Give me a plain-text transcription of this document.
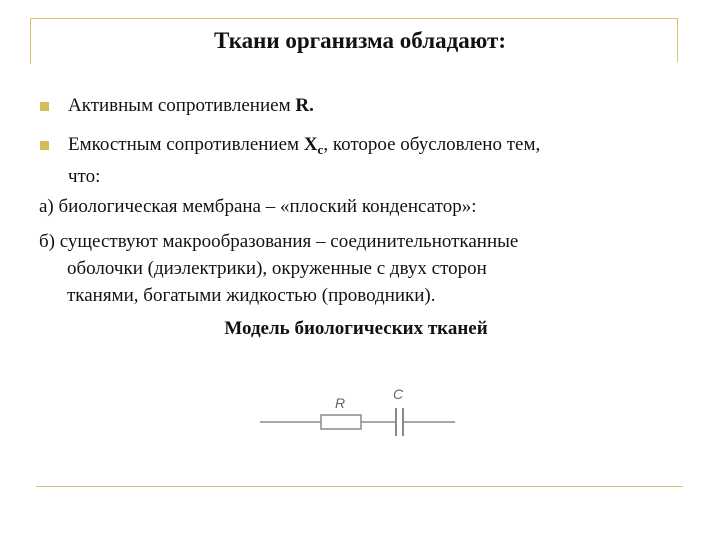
Ткани организма обладают:
Активным сопротивлением R.
Емкостным сопротивлением $X_c$, которое обусловлено тем,
что:
а) биологическая мембрана – «плоский конденсатор»:
б) существуют макрообразования – соединительнотканные
оболочки (диэлектрики), окруженные с двух сторон
тканями, богатыми жидкостью (проводники).
Модель биологических тканей
R
C
